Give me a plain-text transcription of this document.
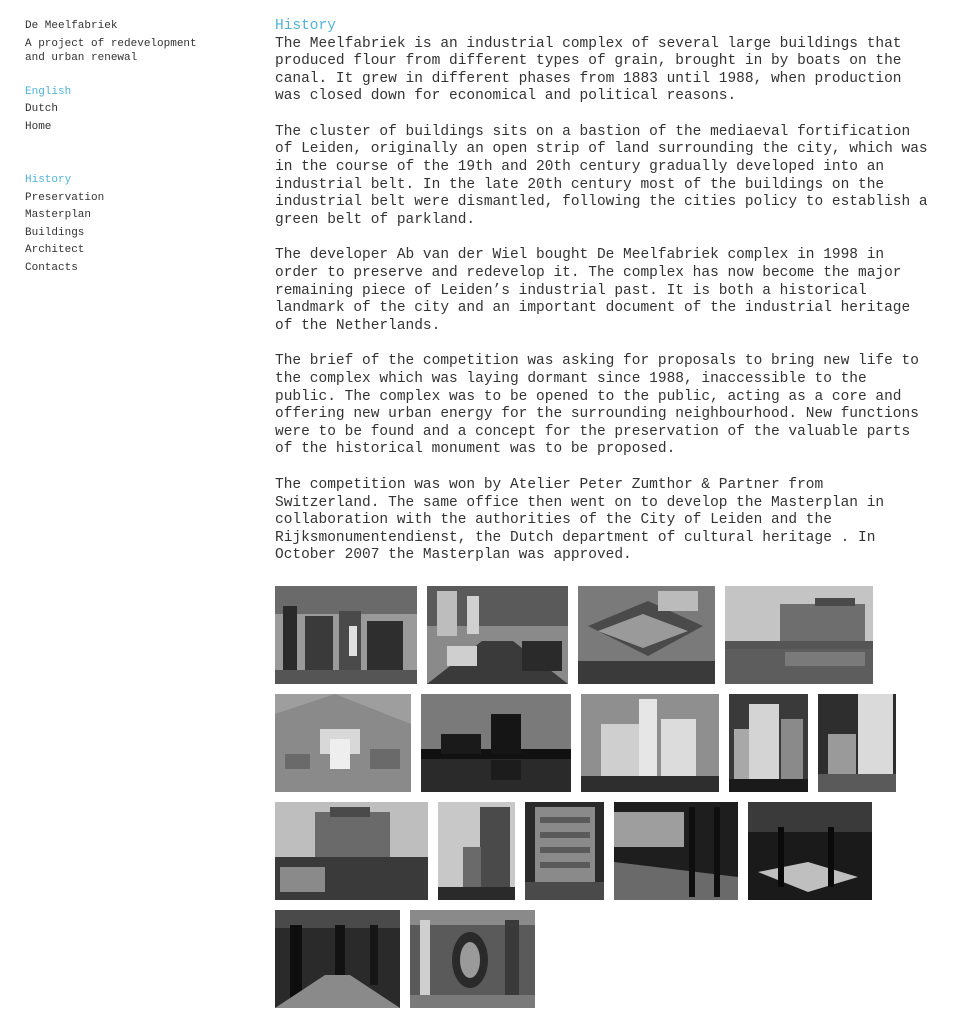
De Meelfabriek

A project of redevelopment and urban renewal

English
Dutch
Home
History
Preservation
Masterplan
Buildings
Architect
Contacts
History

The Meelfabriek is an industrial complex of several large buildings that
produced flour from different types of grain, brought in by boats on the
canal. It grew in different phases from 1883 until 1988, when production
was closed down for economical and political reasons.

The cluster of buildings sits on a bastion of the mediaeval fortification
of Leiden, originally an open strip of land surrounding the city, which was
in the course of the 19th and 20th century gradually developed into an
industrial belt. In the late 20th century most of the buildings on the
industrial belt were dismantled, following the cities policy to establish a
green belt of parkland.

The developer Ab van der Wiel bought De Meelfabriek complex in 1998 in
order to preserve and redevelop it. The complex has now become the major
remaining piece of Leiden’s industrial past. It is both a historical
landmark of the city and an important document of the industrial heritage
of the Netherlands.

The brief of the competition was asking for proposals to bring new life to
the complex which was laying dormant since 1988, inaccessible to the
public. The complex was to be opened to the public, acting as a core and
offering new urban energy for the surrounding neighbourhood. New functions
were to be found and a concept for the preservation of the valuable parts
of the historical monument was to be proposed.

The competition was won by Atelier Peter Zumthor & Partner from
Switzerland. The same office then went on to develop the Masterplan in
collaboration with the authorities of the City of Leiden and the
Rijksmonumentendienst, the Dutch department of cultural heritage . In
October 2007 the Masterplan was approved.
